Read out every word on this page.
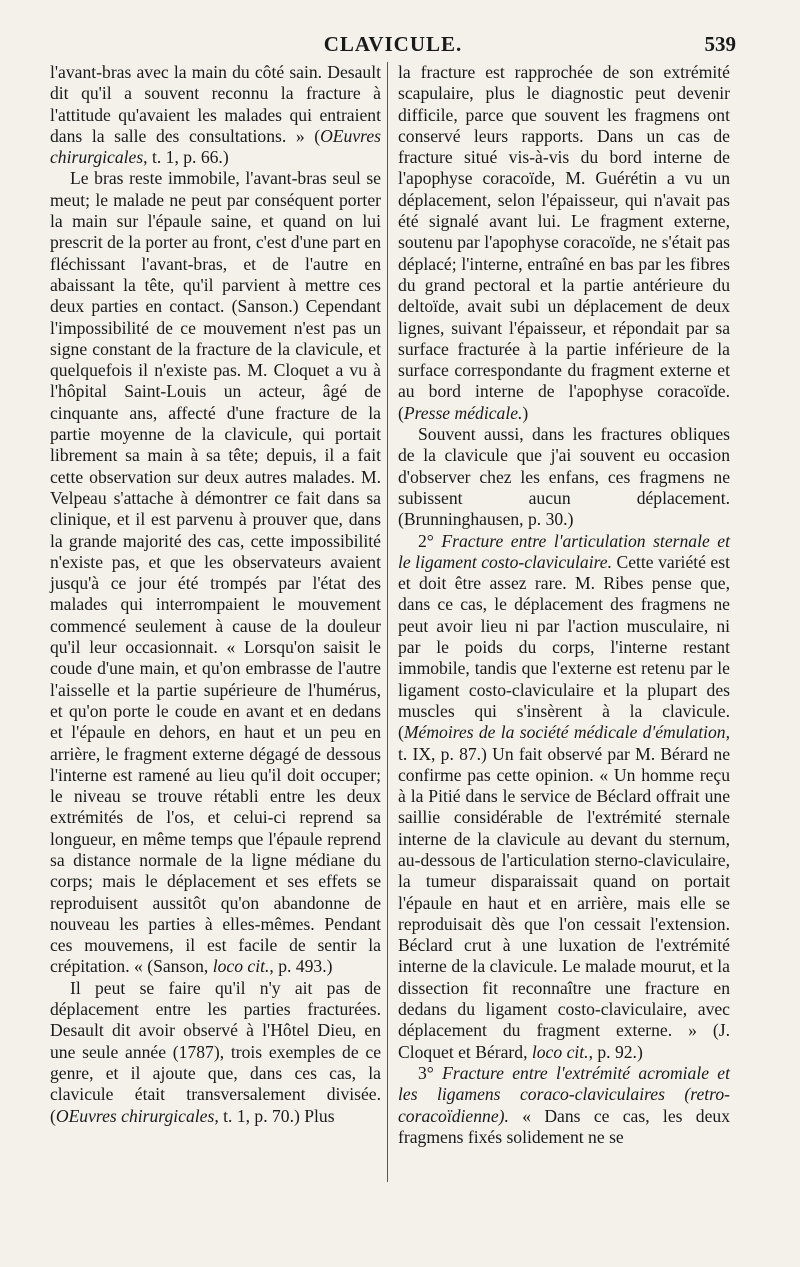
CLAVICULE.	539

l'avant-bras avec la main du côté sain. Desault dit qu'il a souvent reconnu la fracture à l'attitude qu'avaient les malades qui entraient dans la salle des consultations. » (OEuvres chirurgicales, t. 1, p. 66.)

Le bras reste immobile, l'avant-bras seul se meut; le malade ne peut par conséquent porter la main sur l'épaule saine, et quand on lui prescrit de la porter au front, c'est d'une part en fléchissant l'avant-bras, et de l'autre en abaissant la tête, qu'il parvient à mettre ces deux parties en contact. (Sanson.) Cependant l'impossibilité de ce mouvement n'est pas un signe constant de la fracture de la clavicule, et quelquefois il n'existe pas. M. Cloquet a vu à l'hôpital Saint-Louis un acteur, âgé de cinquante ans, affecté d'une fracture de la partie moyenne de la clavicule, qui portait librement sa main à sa tête; depuis, il a fait cette observation sur deux autres malades. M. Velpeau s'attache à démontrer ce fait dans sa clinique, et il est parvenu à prouver que, dans la grande majorité des cas, cette impossibilité n'existe pas, et que les observateurs avaient jusqu'à ce jour été trompés par l'état des malades qui interrompaient le mouvement commencé seulement à cause de la douleur qu'il leur occasionnait. « Lorsqu'on saisit le coude d'une main, et qu'on embrasse de l'autre l'aisselle et la partie supérieure de l'humérus, et qu'on porte le coude en avant et en dedans et l'épaule en dehors, en haut et un peu en arrière, le fragment externe dégagé de dessous l'interne est ramené au lieu qu'il doit occuper; le niveau se trouve rétabli entre les deux extrémités de l'os, et celui-ci reprend sa longueur, en même temps que l'épaule reprend sa distance normale de la ligne médiane du corps; mais le déplacement et ses effets se reproduisent aussitôt qu'on abandonne de nouveau les parties à elles-mêmes. Pendant ces mouvemens, il est facile de sentir la crépitation. « (Sanson, loco cit., p. 493.)

Il peut se faire qu'il n'y ait pas de déplacement entre les parties fracturées. Desault dit avoir observé à l'Hôtel Dieu, en une seule année (1787), trois exemples de ce genre, et il ajoute que, dans ces cas, la clavicule était transversalement divisée. (OEuvres chirurgicales, t. 1, p. 70.) Plus

la fracture est rapprochée de son extrémité scapulaire, plus le diagnostic peut devenir difficile, parce que souvent les fragmens ont conservé leurs rapports. Dans un cas de fracture situé vis-à-vis du bord interne de l'apophyse coracoïde, M. Guérétin a vu un déplacement, selon l'épaisseur, qui n'avait pas été signalé avant lui. Le fragment externe, soutenu par l'apophyse coracoïde, ne s'était pas déplacé; l'interne, entraîné en bas par les fibres du grand pectoral et la partie antérieure du deltoïde, avait subi un déplacement de deux lignes, suivant l'épaisseur, et répondait par sa surface fracturée à la partie inférieure de la surface correspondante du fragment externe et au bord interne de l'apophyse coracoïde. (Presse médicale.)

Souvent aussi, dans les fractures obliques de la clavicule que j'ai souvent eu occasion d'observer chez les enfans, ces fragmens ne subissent aucun déplacement. (Brunninghausen, p. 30.)

2° Fracture entre l'articulation sternale et le ligament costo-claviculaire. Cette variété est et doit être assez rare. M. Ribes pense que, dans ce cas, le déplacement des fragmens ne peut avoir lieu ni par l'action musculaire, ni par le poids du corps, l'interne restant immobile, tandis que l'externe est retenu par le ligament costo-claviculaire et la plupart des muscles qui s'insèrent à la clavicule. (Mémoires de la société médicale d'émulation, t. IX, p. 87.) Un fait observé par M. Bérard ne confirme pas cette opinion. « Un homme reçu à la Pitié dans le service de Béclard offrait une saillie considérable de l'extrémité sternale interne de la clavicule au devant du sternum, au-dessous de l'articulation sterno-claviculaire, la tumeur disparaissait quand on portait l'épaule en haut et en arrière, mais elle se reproduisait dès que l'on cessait l'extension. Béclard crut à une luxation de l'extrémité interne de la clavicule. Le malade mourut, et la dissection fit reconnaître une fracture en dedans du ligament costo-claviculaire, avec déplacement du fragment externe. » (J. Cloquet et Bérard, loco cit., p. 92.)

3° Fracture entre l'extrémité acromiale et les ligamens coraco-claviculaires (retro-coracoïdienne). « Dans ce cas, les deux fragmens fixés solidement ne se
